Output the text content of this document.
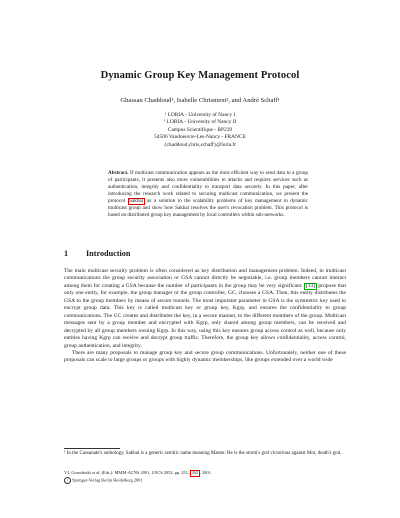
Dynamic Group Key Management Protocol
Ghassan Chaddoud¹, Isabelle Chrisment², and André Schaff¹
¹ LORIA - University of Nancy I
² LORIA - University of Nancy II
Campus Scientifique - BP239
54506 Vandoeuvre-Les-Nancy - FRANCE
{chaddoud,chris,schaff}@loria.fr
Abstract. If multicast communication appears as the most efficient way to send data to a group of participants, it presents also more vulnerabilities to attacks and requires services such as authentication, integrity and confidentiality to transport data securely. In this paper, after introducing the research work related to securing multicast communication, we present the protocol Sakbal as a solution to the scalability problems of key management in dynamic multicast group and show how Sakbal resolves the user's revocation problem. This protocol is based on distributed group key management by local controllers within sub-networks.
1 Introduction

The main multicast security problem is often considered as key distribution and management problem. Indeed, in multicast communications the group security association or GSA cannot directly be negotiable, i.e. group members cannot interact among them for creating a GSA because the number of participants in the group may be very significant. [13] propose that only one entity, for example, the group manager or the group controller, GC, chooses a GSA. Then, this entity distributes the GSA to the group members by means of secure tunnels. The most important parameter in GSA is the symmetric key used to encrypt group data. This key is called multicast key or group key, Kgrp, and ensures the confidentiality to group communications. The GC creates and distributes the key, in a secure manner, to the different members of the group. Multicast messages sent by a group member and encrypted with Kgrp, only shared among group members, can be received and decrypted by all group members owning Kgrp. In this way, using this key ensures group access control as well, because only entities having Kgrp can receive and decrypt group traffic. Therefore, the group key allows confidentiality, access control, group authentication, and integrity.

There are many proposals to manage group key and secure group communications. Unfortunately, neither one of these proposals can scale to large groups or groups with highly dynamic memberships, like groups extended over a world wide

¹ In the Cassanate's anthology, Sakbal is a generic semitic name meaning Master. He is the storm's god victorious against Mot, death's god.
V.I. Gorodetski et al. (Eds.): MMM-ACNS 2001, LNCS 2052, pp. 251– 262 , 2001.
c Springer-Verlag Berlin Heidelberg 2001
